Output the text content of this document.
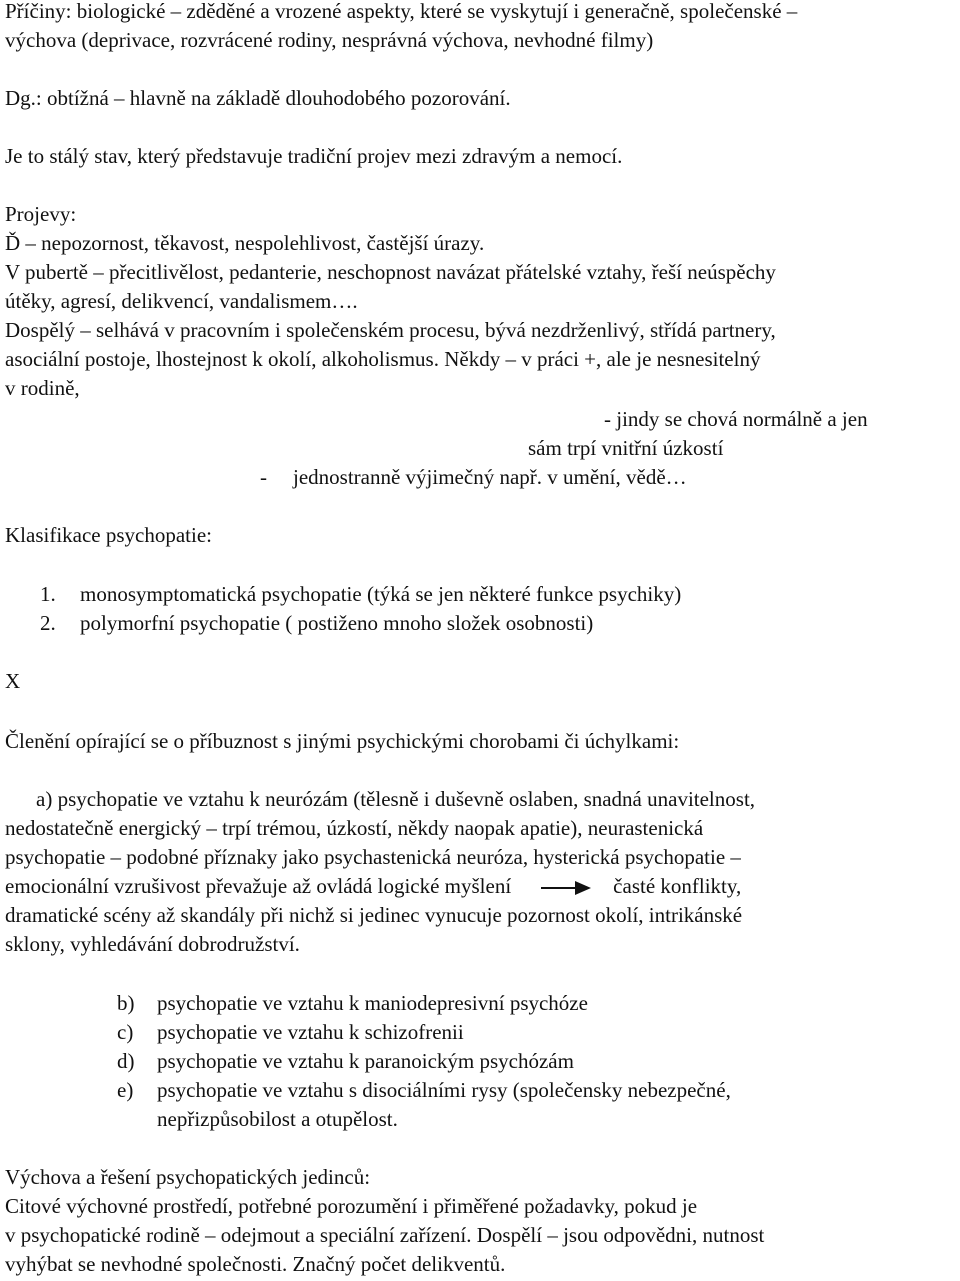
Příčiny: biologické – zděděné a vrozené aspekty, které se vyskytují i generačně, společenské –
výchova (deprivace, rozvrácené rodiny, nesprávná výchova, nevhodné filmy)
Dg.: obtížná – hlavně na základě dlouhodobého pozorování.
Je to stálý stav, který představuje tradiční projev mezi zdravým a nemocí.
Projevy:
Ď – nepozornost, těkavost, nespolehlivost, častější úrazy.
V pubertě – přecitlivělost, pedanterie, neschopnost navázat přátelské vztahy, řeší neúspěchy
útěky, agresí, delikvencí, vandalismem….
Dospělý – selhává v pracovním i společenském procesu, bývá nezdrženlivý, střídá partnery,
asociální postoje, lhostejnost k okolí, alkoholismus. Někdy – v práci +, ale je nesnesitelný
v rodině,
- jindy se chová normálně a jen
sám trpí vnitřní úzkostí
- jednostranně výjimečný např. v umění, vědě…
Klasifikace psychopatie:
1. monosymptomatická psychopatie (týká se jen některé funkce psychiky)
2. polymorfní psychopatie ( postiženo mnoho složek osobnosti)
X
Členění opírající se o příbuznost s jinými psychickými chorobami či úchylkami:
a) psychopatie ve vztahu k neurózám (tělesně i duševně oslaben, snadná unavitelnost,
nedostatečně energický – trpí trémou, úzkostí, někdy naopak apatie), neurastenická
psychopatie – podobné příznaky jako psychastenická neuróza, hysterická psychopatie –
emocionální vzrušivost převažuje až ovládá logické myšlení	časté konflikty,
dramatické scény až skandály při nichž si jedinec vynucuje pozornost okolí, intrikánské
sklony, vyhledávání dobrodružství.
b) psychopatie ve vztahu k maniodepresivní psychóze
c) psychopatie ve vztahu k schizofrenii
d) psychopatie ve vztahu k paranoickým psychózám
e) psychopatie ve vztahu s disociálními rysy (společensky nebezpečné,
nepřizpůsobilost a otupělost.
Výchova a řešení psychopatických jedinců:
Citové výchovné prostředí, potřebné porozumění i přiměřené požadavky, pokud je
v psychopatické rodině – odejmout a speciální zařízení. Dospělí – jsou odpovědni, nutnost
vyhýbat se nevhodné společnosti. Značný počet delikventů.
